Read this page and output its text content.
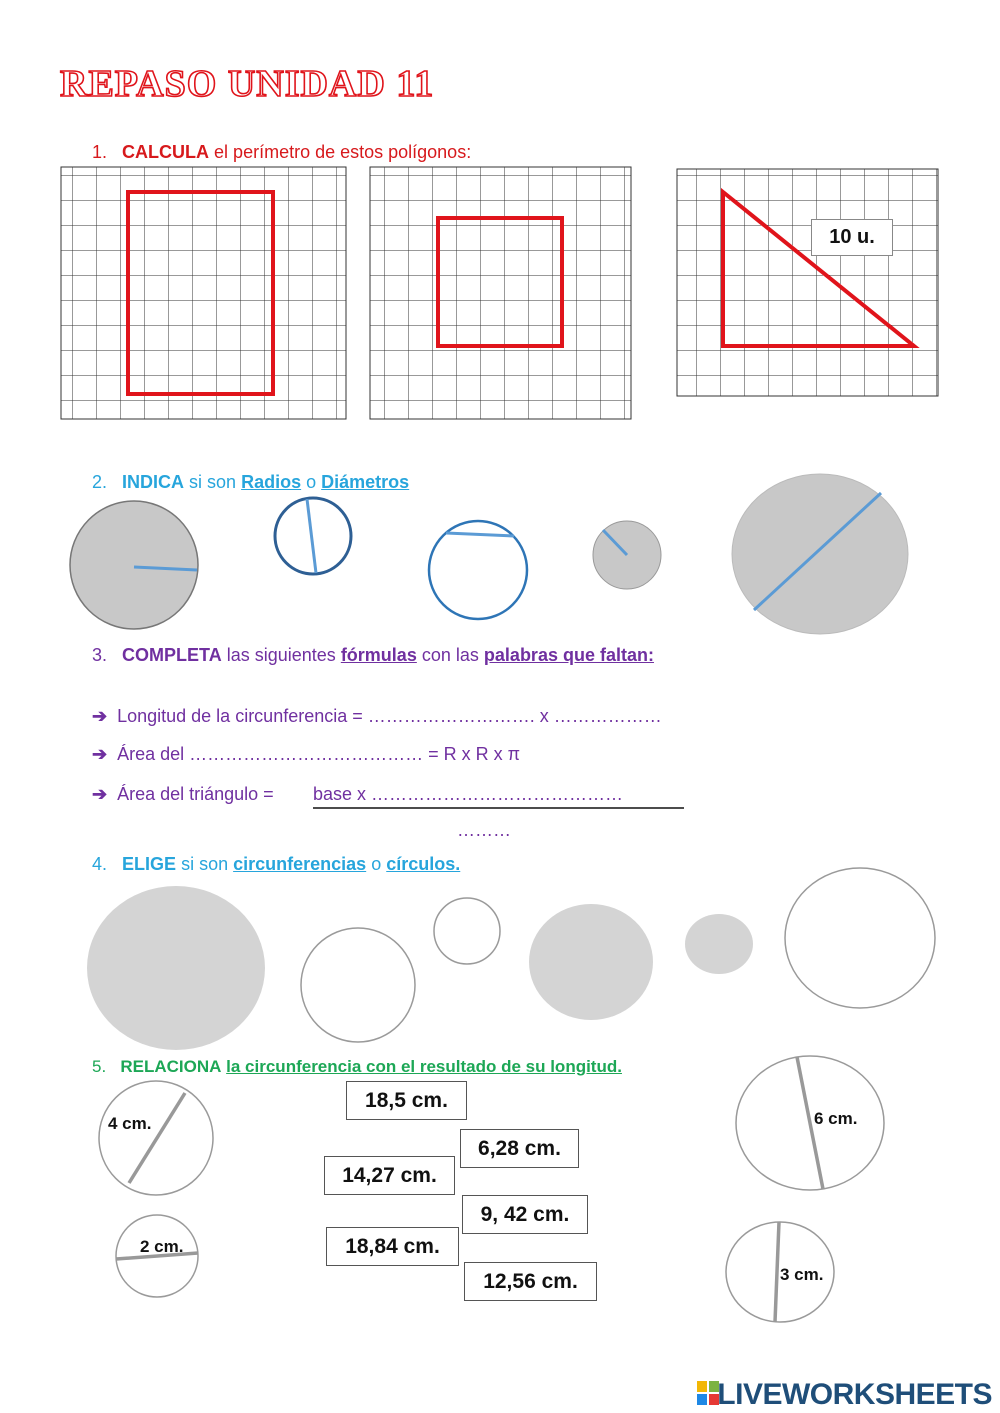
REPASO UNIDAD 11
1. CALCULA el perímetro de estos polígonos:
10 u.
2. INDICA si son Radios o Diámetros
3. COMPLETA las siguientes fórmulas con las palabras que faltan:
➔ Longitud de la circunferencia = ………………………. x ………………
➔ Área del ………………………………… = R x R x π
➔ Área del triángulo = base x ……………………………………
………
4. ELIGE si son circunferencias o círculos.
5. RELACIONA la circunferencia con el resultado de su longitud.
4 cm.
2 cm.
6 cm.
3 cm.
18,5 cm.
6,28 cm.
14,27 cm.
9, 42 cm.
18,84 cm.
12,56 cm.
LIVEWORKSHEETS
